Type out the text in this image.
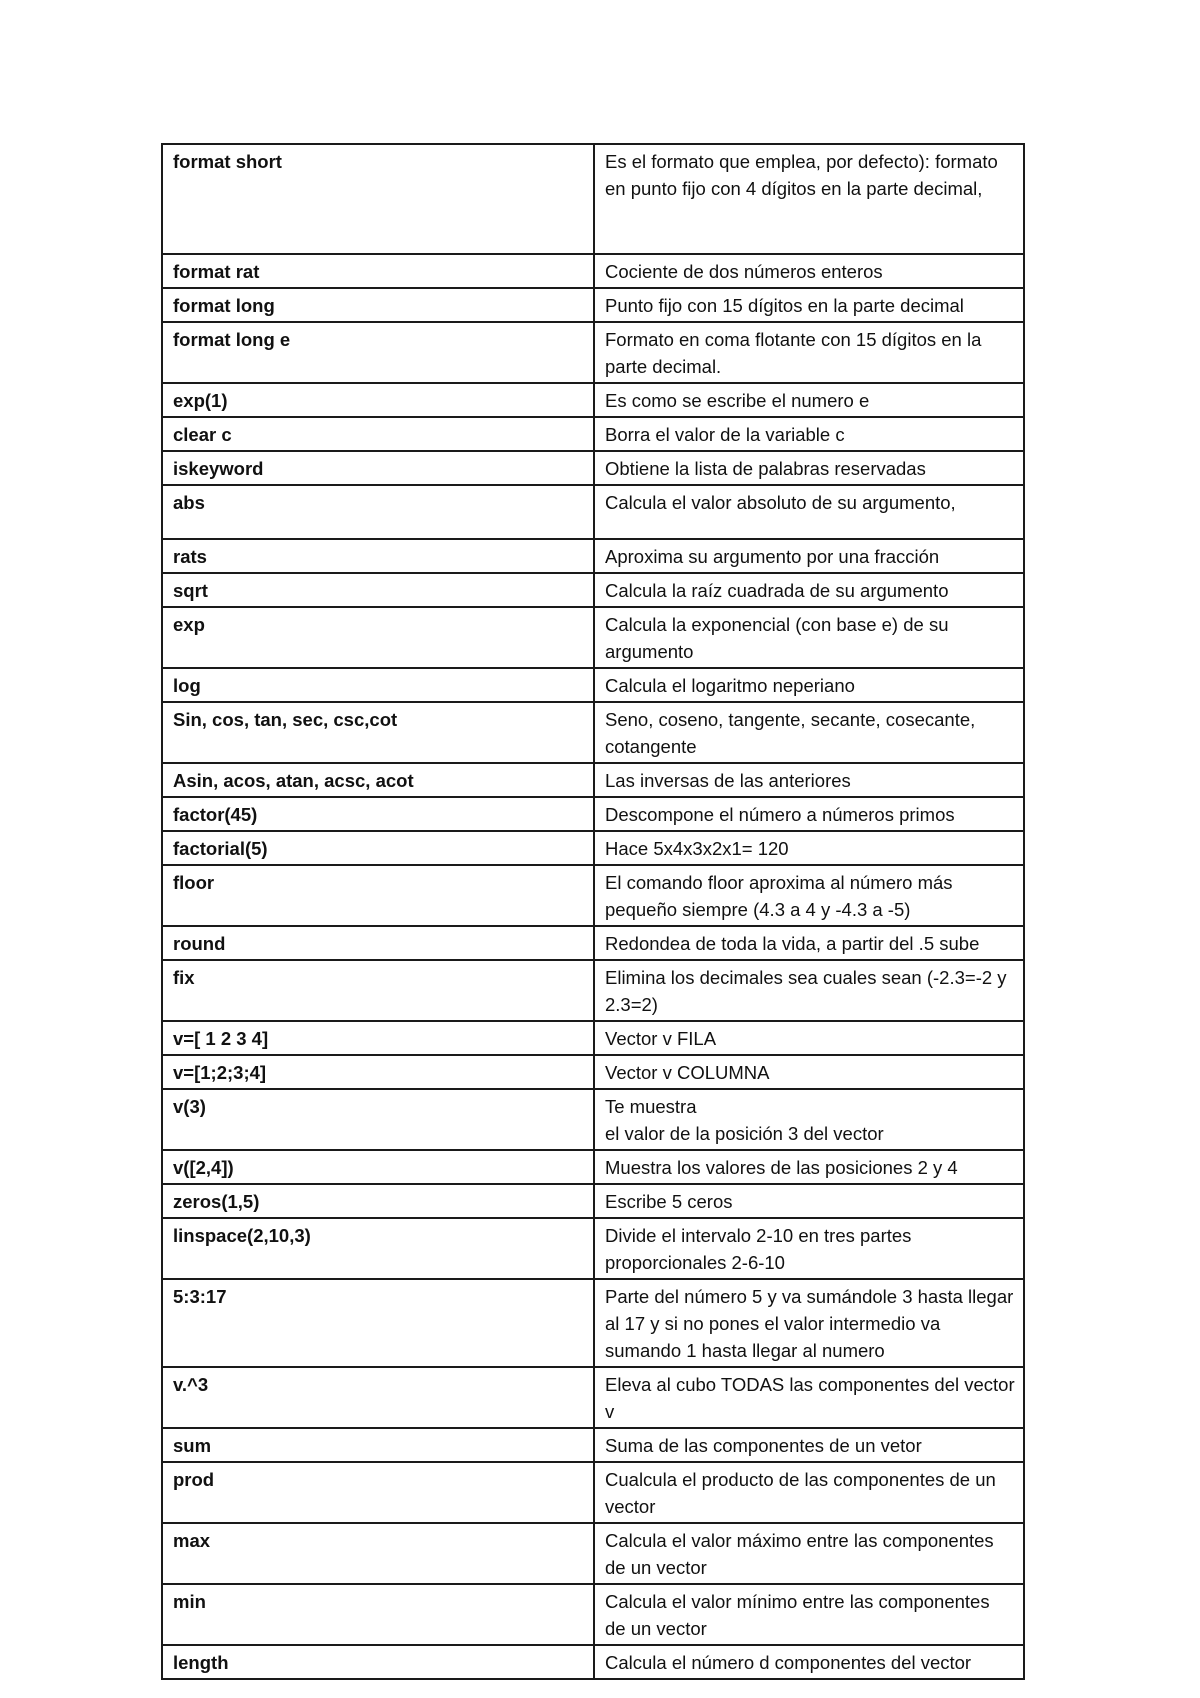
format short	Es el formato que emplea, por defecto): formato en punto fijo con 4 dígitos en la parte decimal,
format rat	Cociente de dos números enteros
format long	Punto fijo con 15 dígitos en la parte decimal
format long e	Formato en coma flotante con 15 dígitos en la parte decimal.
exp(1)	Es como se escribe el numero e
clear c	Borra el valor de la variable c
iskeyword	Obtiene la lista de palabras reservadas
abs	Calcula el valor absoluto de su argumento,
rats	Aproxima su argumento por una fracción
sqrt	Calcula la raíz cuadrada de su argumento
exp	Calcula la exponencial (con base e) de su argumento
log	Calcula el logaritmo neperiano
Sin, cos, tan, sec, csc,cot	Seno, coseno, tangente, secante, cosecante, cotangente
Asin, acos, atan, acsc, acot	Las inversas de las anteriores
factor(45)	Descompone el número a números primos
factorial(5)	Hace 5x4x3x2x1= 120
floor	El comando floor aproxima al número más pequeño siempre (4.3 a 4 y -4.3 a -5)
round	Redondea de toda la vida, a partir del .5 sube
fix	Elimina los decimales sea cuales sean (-2.3=-2 y 2.3=2)
v=[ 1 2 3 4]	Vector v FILA
v=[1;2;3;4]	Vector v COLUMNA
v(3)	Te muestra
el valor de la posición 3 del vector
v([2,4])	Muestra los valores de las posiciones 2 y 4
zeros(1,5)	Escribe 5 ceros
linspace(2,10,3)	Divide el intervalo 2-10 en tres partes proporcionales 2-6-10
5:3:17	Parte del número 5 y va sumándole 3 hasta llegar al 17 y si no pones el valor intermedio va sumando 1 hasta llegar al numero
v.^3	Eleva al cubo TODAS las componentes del vector v
sum	Suma de las componentes de un vetor
prod	Cualcula el producto de las componentes de un vector
max	Calcula el valor máximo entre las componentes de un vector
min	Calcula el valor mínimo entre las componentes de un vector
length	Calcula el número d componentes del vector
